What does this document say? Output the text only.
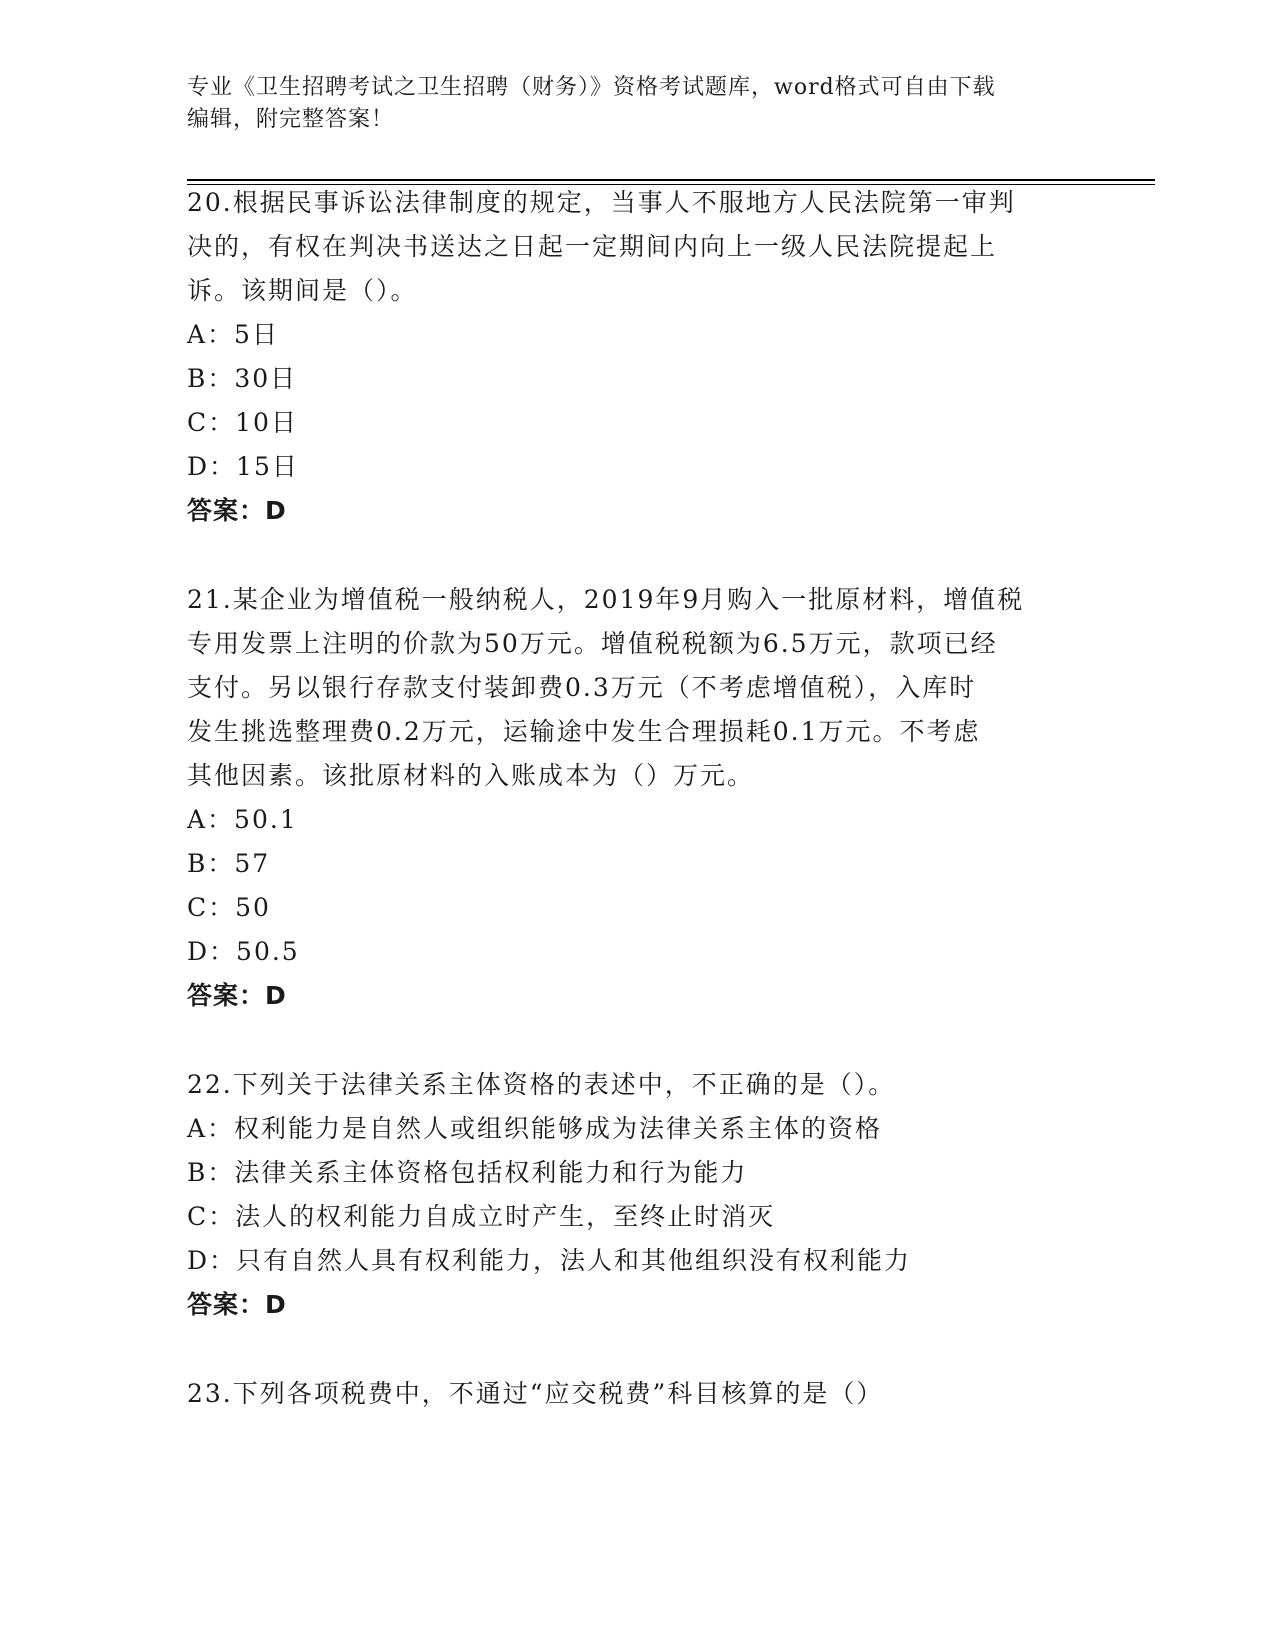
专业《卫生招聘考试之卫生招聘（财务）》资格考试题库，word格式可自由下载
编辑，附完整答案！
20.根据民事诉讼法律制度的规定，当事人不服地方人民法院第一审判
决的，有权在判决书送达之日起一定期间内向上一级人民法院提起上
诉。该期间是（）。
A：5日
B：30日
C：10日
D：15日
答案：D
21.某企业为增值税一般纳税人，2019年9月购入一批原材料，增值税
专用发票上注明的价款为50万元。增值税税额为6.5万元，款项已经
支付。另以银行存款支付装卸费0.3万元（不考虑增值税），入库时
发生挑选整理费0.2万元，运输途中发生合理损耗0.1万元。不考虑
其他因素。该批原材料的入账成本为（）万元。
A：50.1
B：57
C：50
D：50.5
答案：D
22.下列关于法律关系主体资格的表述中，不正确的是（）。
A：权利能力是自然人或组织能够成为法律关系主体的资格
B：法律关系主体资格包括权利能力和行为能力
C：法人的权利能力自成立时产生，至终止时消灭
D：只有自然人具有权利能力，法人和其他组织没有权利能力
答案：D
23.下列各项税费中，不通过“应交税费”科目核算的是（）
